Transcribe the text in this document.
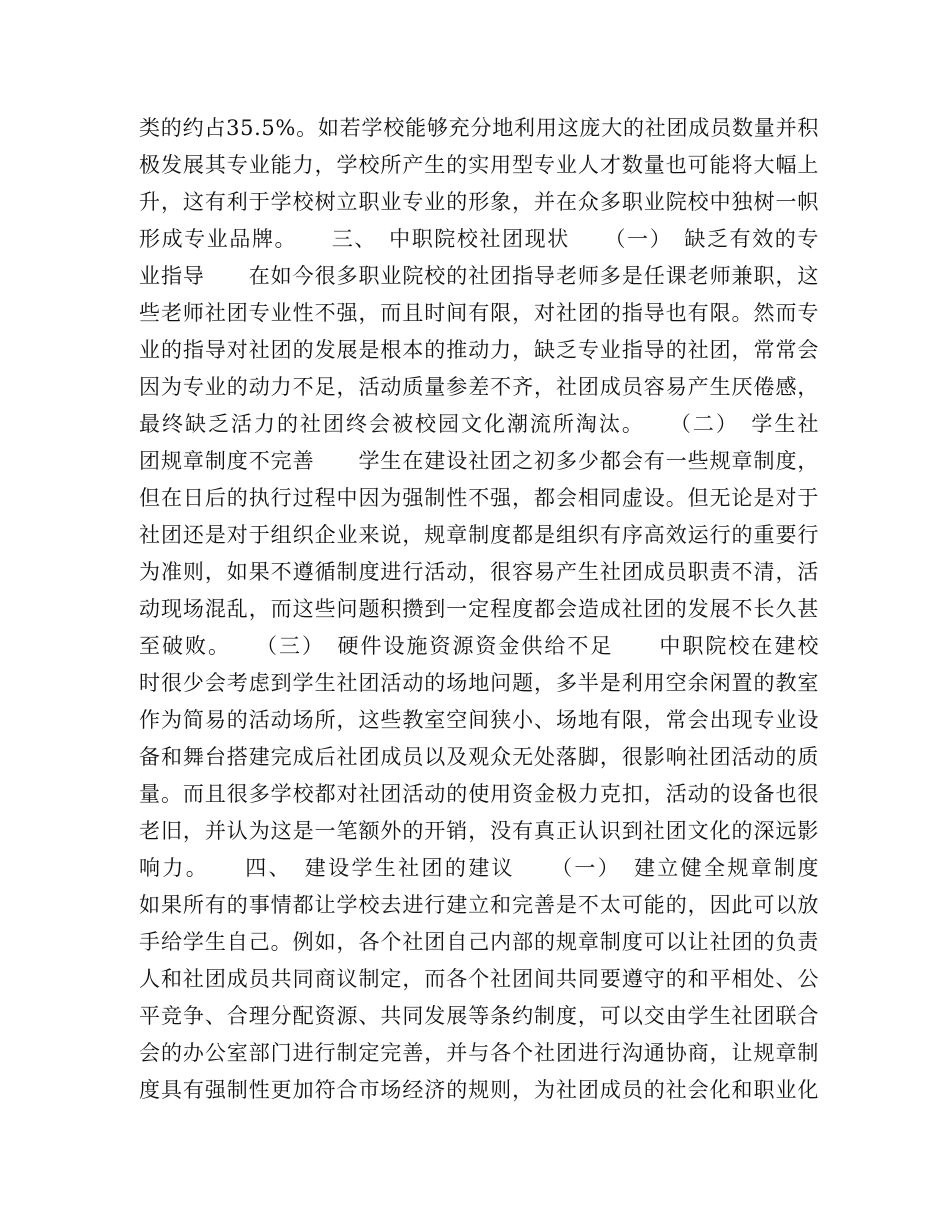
类的约占35.5%。如若学校能够充分地利用这庞大的社团成员数量并积
极发展其专业能力，学校所产生的实用型专业人才数量也可能将大幅上
升，这有利于学校树立职业专业的形象，并在众多职业院校中独树一帜
形成专业品牌。　　三、　中职院校社团现状　　（一）　缺乏有效的专
业指导　　在如今很多职业院校的社团指导老师多是任课老师兼职，这
些老师社团专业性不强，而且时间有限，对社团的指导也有限。然而专
业的指导对社团的发展是根本的推动力，缺乏专业指导的社团，常常会
因为专业的动力不足，活动质量参差不齐，社团成员容易产生厌倦感，
最终缺乏活力的社团终会被校园文化潮流所淘汰。　　（二）　学生社
团规章制度不完善　　学生在建设社团之初多少都会有一些规章制度，
但在日后的执行过程中因为强制性不强，都会相同虚设。但无论是对于
社团还是对于组织企业来说，规章制度都是组织有序高效运行的重要行
为准则，如果不遵循制度进行活动，很容易产生社团成员职责不清，活
动现场混乱，而这些问题积攒到一定程度都会造成社团的发展不长久甚
至破败。　　（三）　硬件设施资源资金供给不足　　中职院校在建校
时很少会考虑到学生社团活动的场地问题，多半是利用空余闲置的教室
作为简易的活动场所，这些教室空间狭小、场地有限，常会出现专业设
备和舞台搭建完成后社团成员以及观众无处落脚，很影响社团活动的质
量。而且很多学校都对社团活动的使用资金极力克扣，活动的设备也很
老旧，并认为这是一笔额外的开销，没有真正认识到社团文化的深远影
响力。　　四、　建设学生社团的建议　　（一）　建立健全规章制度
如果所有的事情都让学校去进行建立和完善是不太可能的，因此可以放
手给学生自己。例如，各个社团自己内部的规章制度可以让社团的负责
人和社团成员共同商议制定，而各个社团间共同要遵守的和平相处、公
平竞争、合理分配资源、共同发展等条约制度，可以交由学生社团联合
会的办公室部门进行制定完善，并与各个社团进行沟通协商，让规章制
度具有强制性更加符合市场经济的规则，为社团成员的社会化和职业化
